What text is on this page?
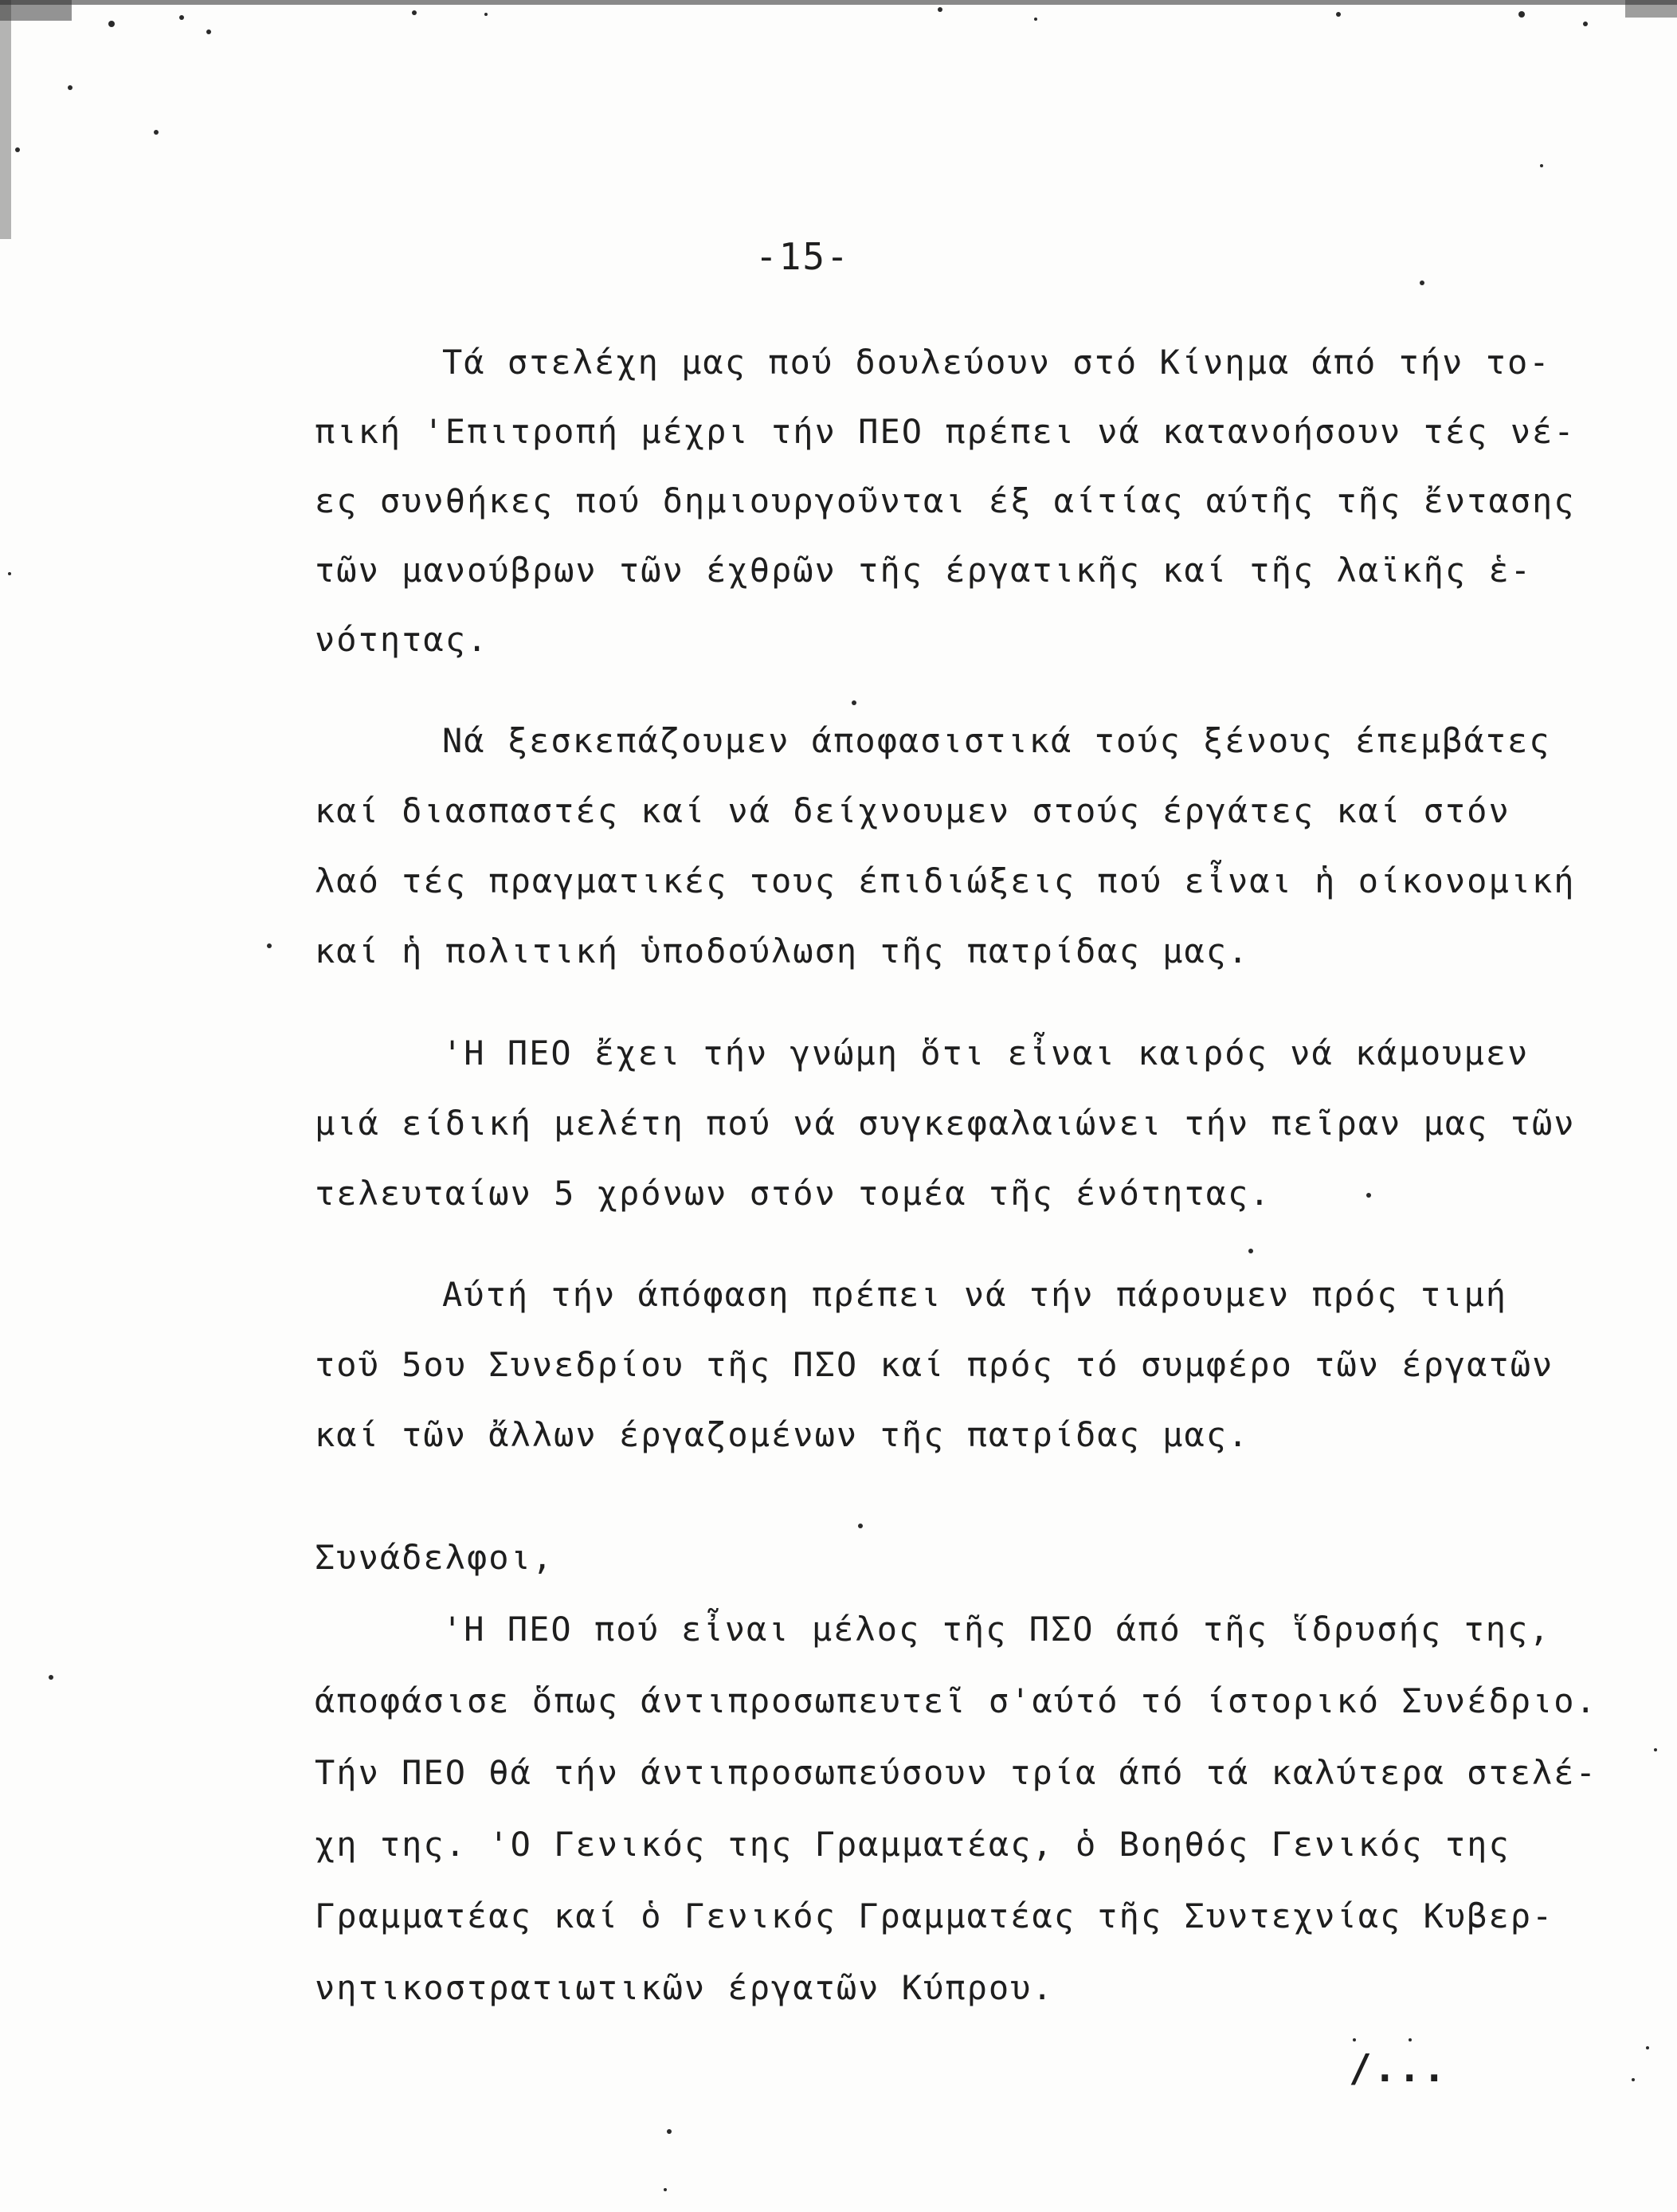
-15-
Τά στελέχη μας πού δουλεύουν στό Κίνημα άπό τήν το-
πική 'Επιτροπή μέχρι τήν ΠΕΟ πρέπει νά κατανοήσουν τές νέ-
ες συνθήκες πού δημιουργοῦνται έξ αίτίας αύτῆς τῆς ἔντασης
τῶν μανούβρων τῶν έχθρῶν τῆς έργατικῆς καί τῆς λαϊκῆς ἑ-
νότητας.
Νά ξεσκεπάζουμεν άποφασιστικά τούς ξένους έπεμβάτες
καί διασπαστές καί νά δείχνουμεν στούς έργάτες καί στόν
λαό τές πραγματικές τους έπιδιώξεις πού εἶναι ἡ οίκονομική
καί ἡ πολιτική ὑποδούλωση τῆς πατρίδας μας.
'Η ΠΕΟ ἔχει τήν γνώμη ὅτι εἶναι καιρός νά κάμουμεν
μιά είδική μελέτη πού νά συγκεφαλαιώνει τήν πεῖραν μας τῶν
τελευταίων 5 χρόνων στόν τομέα τῆς ένότητας.
Αύτή τήν άπόφαση πρέπει νά τήν πάρουμεν πρός τιμή
τοῦ 5ου Συνεδρίου τῆς ΠΣΟ καί πρός τό συμφέρο τῶν έργατῶν
καί τῶν ἄλλων έργαζομένων τῆς πατρίδας μας.
Συνάδελφοι,
'Η ΠΕΟ πού εἶναι μέλος τῆς ΠΣΟ άπό τῆς ἵδρυσής της,
άποφάσισε ὅπως άντιπροσωπευτεῖ σ'αύτό τό ίστορικό Συνέδριο.
Τήν ΠΕΟ θά τήν άντιπροσωπεύσουν τρία άπό τά καλύτερα στελέ-
χη της. 'Ο Γενικός της Γραμματέας, ὁ Βοηθός Γενικός της
Γραμματέας καί ὁ Γενικός Γραμματέας τῆς Συντεχνίας Κυβερ-
νητικοστρατιωτικῶν έργατῶν Κύπρου.
/...
